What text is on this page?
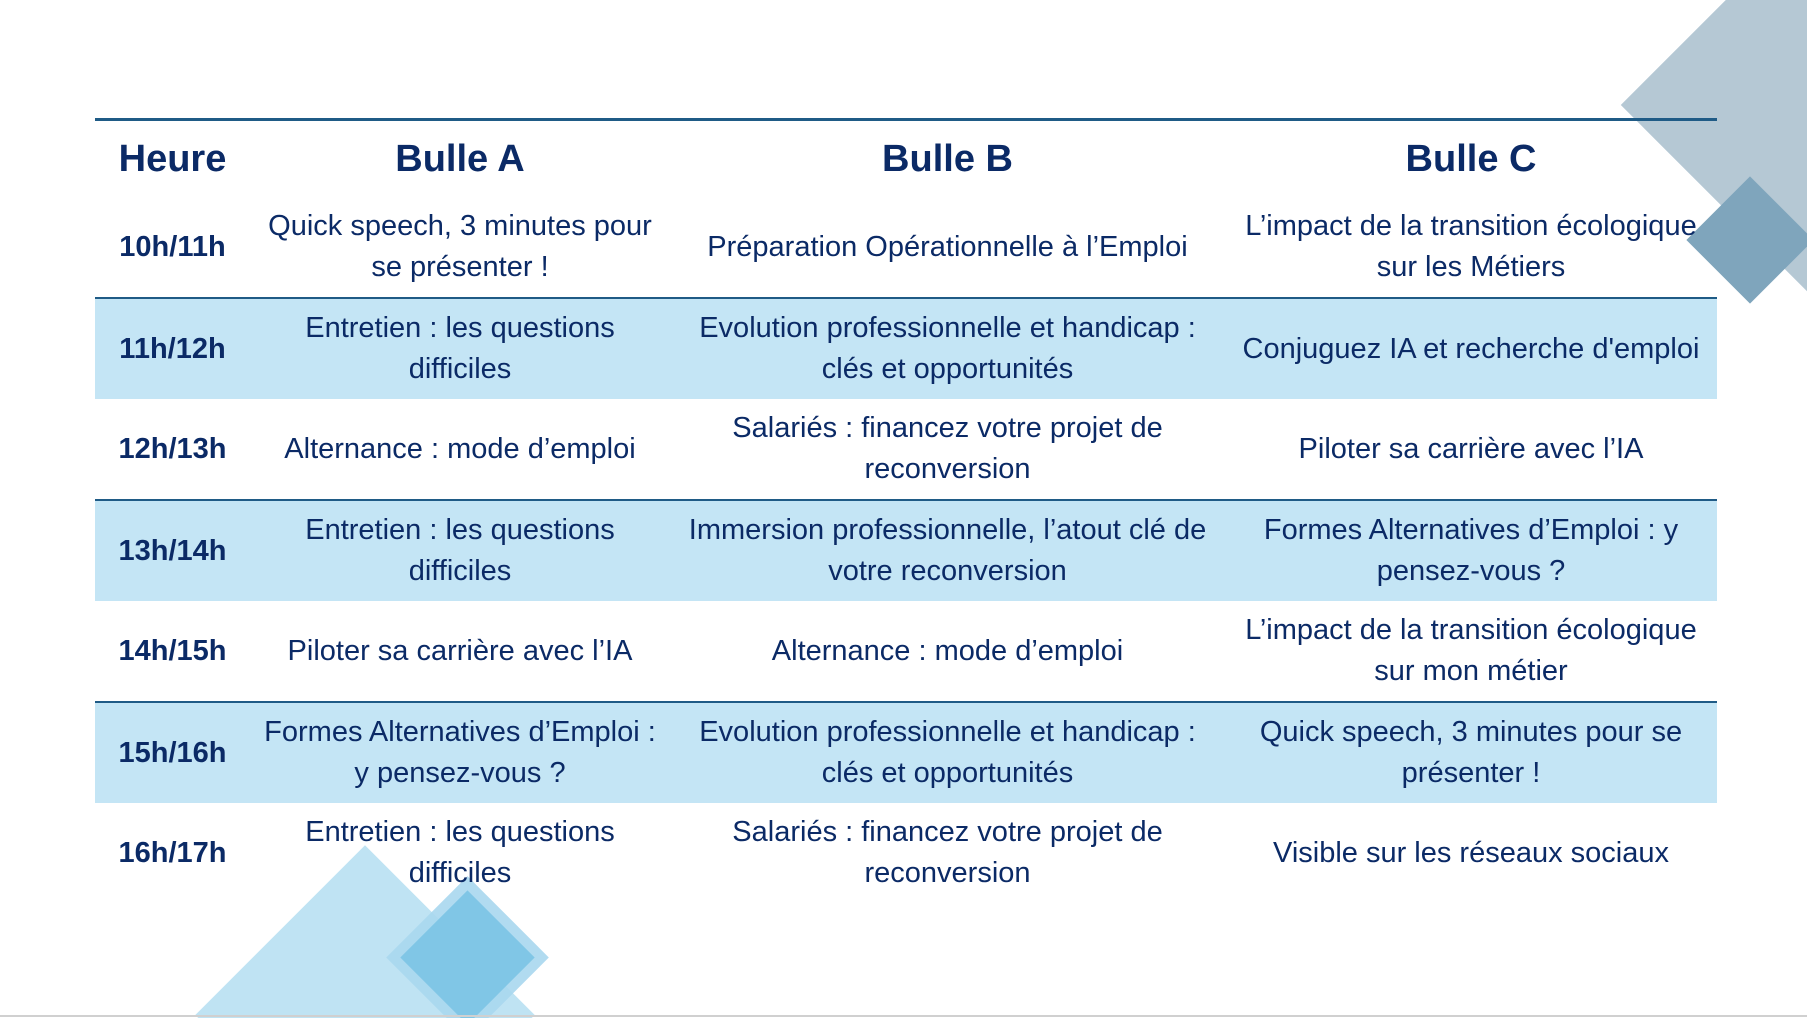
Heure	Bulle A	Bulle B	Bulle C
10h/11h	Quick speech, 3 minutes pour se présenter !	Préparation Opérationnelle à l’Emploi	L’impact de la transition écologique sur les Métiers
11h/12h	Entretien : les questions difficiles	Evolution professionnelle et handicap : clés et opportunités	Conjuguez IA et recherche d'emploi
12h/13h	Alternance : mode d’emploi	Salariés : financez votre projet de reconversion	Piloter sa carrière avec l’IA
13h/14h	Entretien : les questions difficiles	Immersion professionnelle, l’atout clé de votre reconversion	Formes Alternatives d’Emploi : y pensez-vous ?
14h/15h	Piloter sa carrière avec l’IA	Alternance : mode d’emploi	L’impact de la transition écologique sur mon métier
15h/16h	Formes Alternatives d’Emploi : y pensez-vous ?	Evolution professionnelle et handicap : clés et opportunités	Quick speech, 3 minutes pour se présenter !
16h/17h	Entretien : les questions difficiles	Salariés : financez votre projet de reconversion	Visible sur les réseaux sociaux
